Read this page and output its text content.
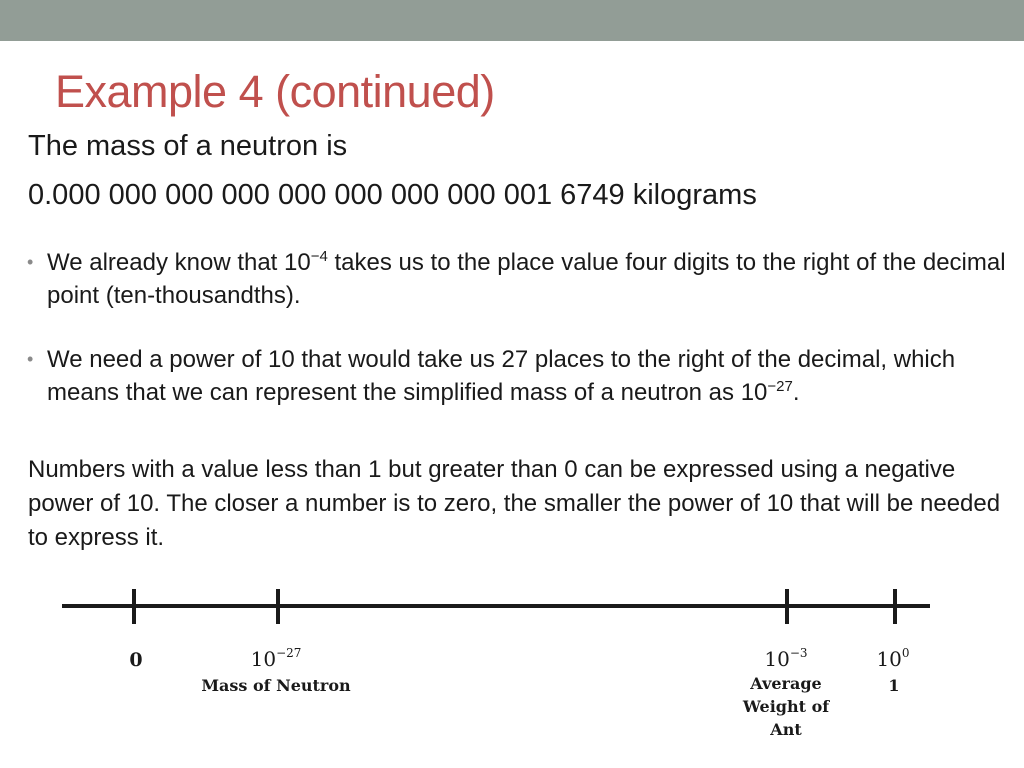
Example 4 (continued)
The mass of a neutron is
0.000 000 000 000 000 000 000 000 001 6749 kilograms
• We already know that $10^{-4}$ takes us to the place value four digits to the right of the decimal point (ten-thousandths).
• We need a power of 10 that would take us 27 places to the right of the decimal, which means that we can represent the simplified mass of a neutron as $10^{-27}$.
Numbers with a value less than 1 but greater than 0 can be expressed using a negative power of 10. The closer a number is to zero, the smaller the power of 10 that will be needed to express it.
0	$10^{-27}$
Mass of Neutron
$10^{-3}$
Average
Weight of
Ant
$10^0$
1
